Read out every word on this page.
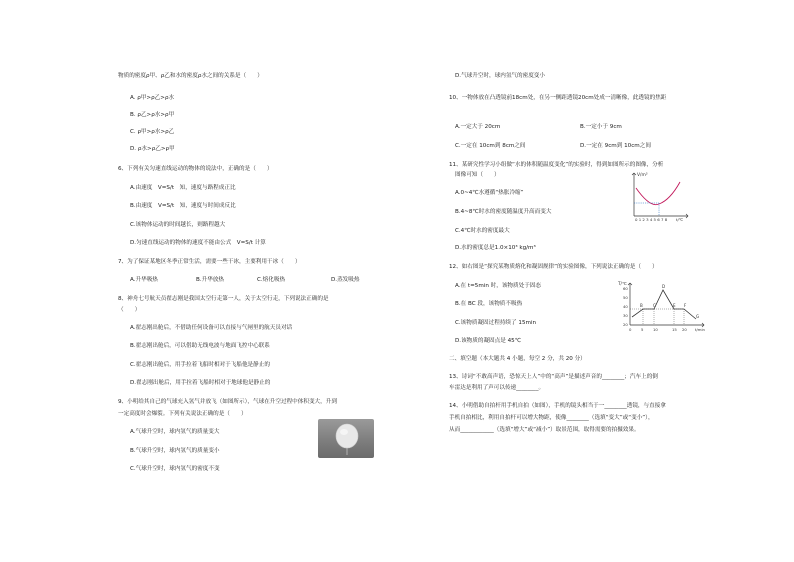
物质的密度ρ甲、ρ乙和水的密度ρ水之间的关系是（　　）
A. ρ甲>ρ乙>ρ水
B. ρ乙>ρ水>ρ甲
C. ρ甲>ρ水>ρ乙
D. ρ水>ρ乙>ρ甲
6、下列有关匀速直线运动的物体的说法中，正确的是（　　）
A.由速度　V=S/t　知，速度与路程成正比
B.由速度　V=S/t　知，速度与时间成反比
C.该物体运动的时间越长，则路程越大
D.匀速直线运动的物体的速度不能由公式　V=S/t 计算
7、为了保证某地区冬季正常生活，需要一些干冰，主要利用干冰（　　）
A.升华吸热	B.升华放热	C.熔化吸热	D.蒸发吸热
8、神舟七号航天员翟志刚是我国太空行走第一人，关于太空行走，下列说法正确的是
（　　）
A.翟志刚出舱后，不借助任何设备可以直接与气闸里的航天员对话
B.翟志刚出舱后，可以借助无线电波与地面飞控中心联系
C.翟志刚出舱后，用手拉着飞船时相对于飞船他是静止的
D.翟志刚出舱后，用手拉着飞船时相对于地球他是静止的
9、小明给其自己的气球充入氢气并放飞（如图所示），气球在升空过程中体积变大，升到
一定高度时会爆裂。下列有关说法正确的是（　　）
A.气球升空时，球内氢气的质量变大
B.气球升空时，球内氢气的质量变小
C.气球升空时，球内氢气的密度不变
D.气球升空时，球内氢气的密度变小
10、一物体放在凸透镜前18cm处，在另一侧距透镜20cm处成一清晰像，此透镜的焦距
A.一定大于 20cm	B.一定小于 9cm
C.一定在 10cm到 8cm之间	D.一定在 9cm到 10cm之间
11、某研究性学习小组做“水的体积随温度变化”的实验时，得到如图所示的图像，分析
图像可知（　　）
A.0~4℃水遵循“热胀冷缩”
B.4~8℃时水的密度随温度升高而变大
C.4℃时水的密度最大
D.水的密度总是1.0×10³ kg/m³
V/m³
0 1 2 3 4 5 6 7 8 t/℃
12、如右图是“探究某物质熔化和凝固规律”的实验图像，下列说法正确的是（　　）
A.在 t=5min 时，该物质处于固态
B.在 BC 段，该物质不吸热
C.该物质凝固过程持续了 15min
D.该物质的凝固点是 45℃
T/℃
60
50
40
30
20
B	C
D
E F
G
0	5	10	15 20 t/min
二、填空题（本大题共 4 小题，每空 2 分，共 20 分）
13、诗词“不敢高声语，恐惊天上人”中的“高声”是描述声音的________；汽车上的倒
车雷达是利用了声可以传递________。
14、小明借助自拍杆用手机自拍（如图），手机的镜头相当于一________透镜，与直接拿
手机自拍相比，利用自拍杆可以增大物距，使像________（选填“变大”或“变小”），
从而____________（选填“增大”或“减小”）取景范围，取得需要的拍摄效果。
